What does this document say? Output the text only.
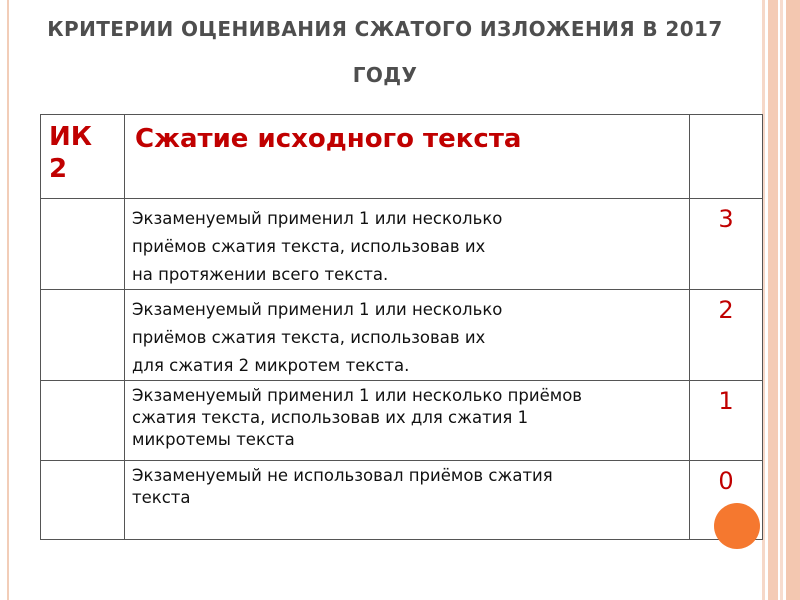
КРИТЕРИИ ОЦЕНИВАНИЯ СЖАТОГО ИЗЛОЖЕНИЯ В 2017 ГОДУ
ИК
2	Сжатие исходного текста	

	Экзаменуемый применил 1 или несколько
приёмов сжатия текста, использовав их
на протяжении всего текста.	3

	Экзаменуемый применил 1 или несколько
приёмов сжатия текста, использовав их
для сжатия 2 микротем текста.	2

	Экзаменуемый применил 1 или несколько приёмов
сжатия текста, использовав их для сжатия 1
микротемы текста	1

	Экзаменуемый не использовал приёмов сжатия
текста	0
